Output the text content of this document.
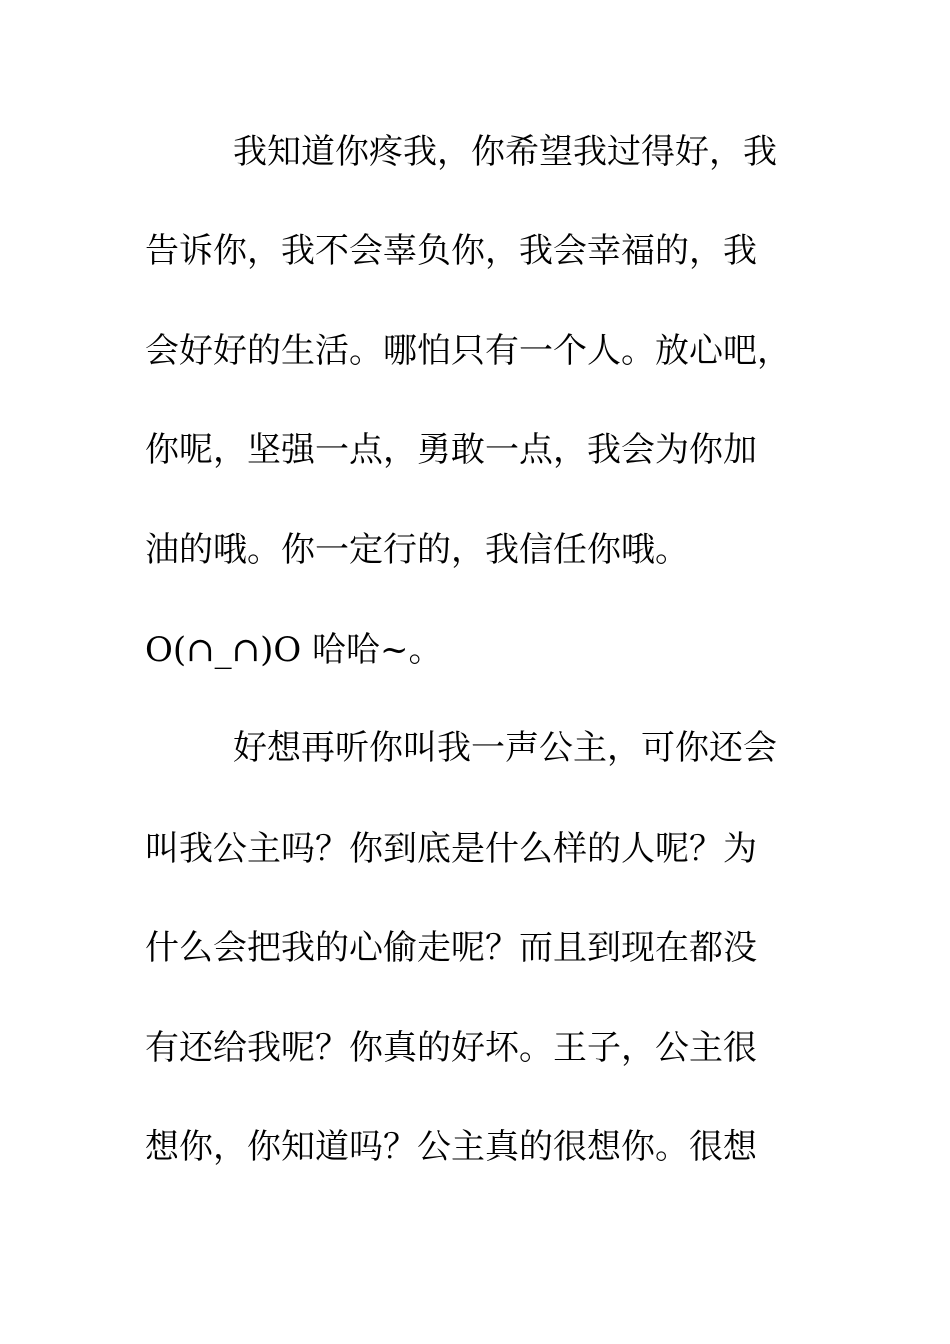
我知道你疼我，你希望我过得好，我
告诉你，我不会辜负你，我会幸福的，我
会好好的生活。哪怕只有一个人。放心吧，
你呢，坚强一点，勇敢一点，我会为你加
油的哦。你一定行的，我信任你哦。
O(∩_∩)O 哈哈~。
好想再听你叫我一声公主，可你还会
叫我公主吗？你到底是什么样的人呢？为
什么会把我的心偷走呢？而且到现在都没
有还给我呢？你真的好坏。王子，公主很
想你，你知道吗？公主真的很想你。很想
